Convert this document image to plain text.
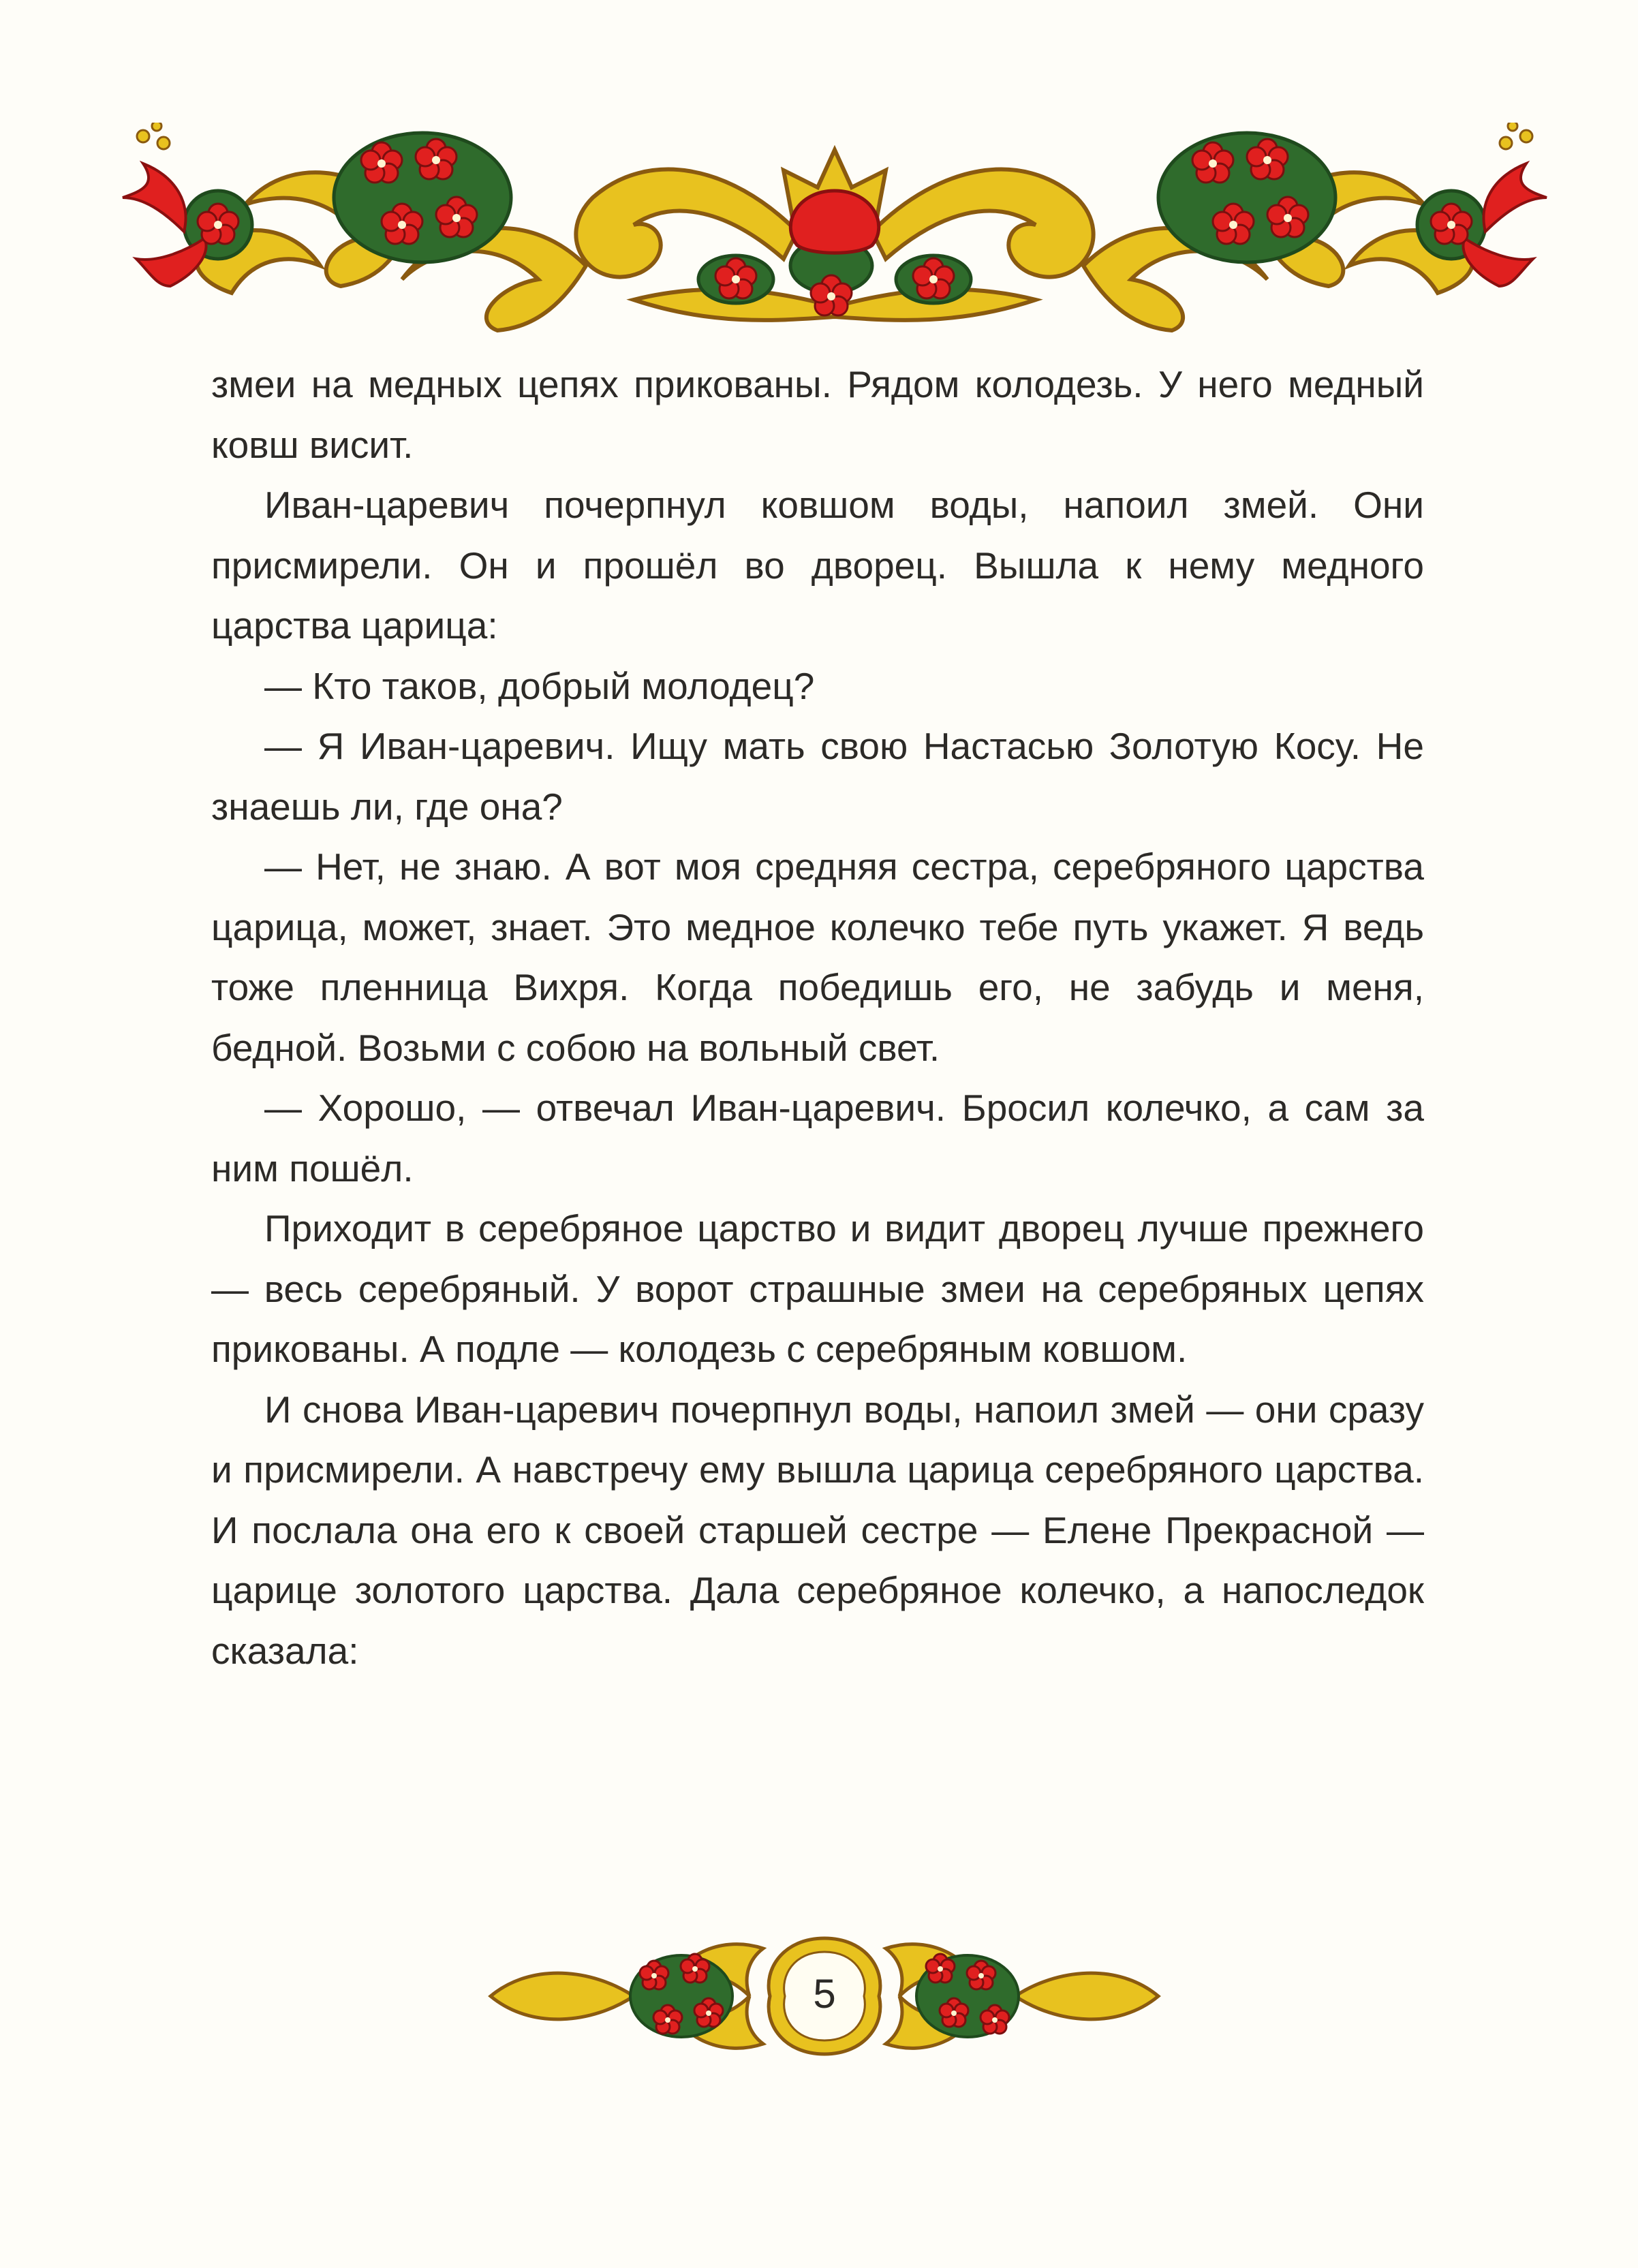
змеи на медных цепях прикованы. Рядом колодезь. У него медный ковш висит.

Иван-царевич почерпнул ковшом воды, напоил змей. Они присмирели. Он и прошёл во дворец. Вышла к нему медного царства царица:

— Кто таков, добрый молодец?

— Я Иван-царевич. Ищу мать свою Настасью Золотую Косу. Не знаешь ли, где она?

— Нет, не знаю. А вот моя средняя сестра, серебряного царства царица, может, знает. Это медное колечко тебе путь укажет. Я ведь тоже пленница Вихря. Когда победишь его, не забудь и меня, бедной. Возьми с собою на вольный свет.

— Хорошо, — отвечал Иван-царевич. Бросил колечко, а сам за ним пошёл.

Приходит в серебряное царство и видит дворец лучше прежнего — весь серебряный. У ворот страшные змеи на серебряных цепях прикованы. А подле — колодезь с серебряным ковшом.

И снова Иван-царевич почерпнул воды, напоил змей — они сразу и присмирели. А навстречу ему вышла царица серебряного царства. И послала она его к своей старшей сестре — Елене Прекрасной — царице золотого царства. Дала серебряное колечко, а напоследок сказала:

5
